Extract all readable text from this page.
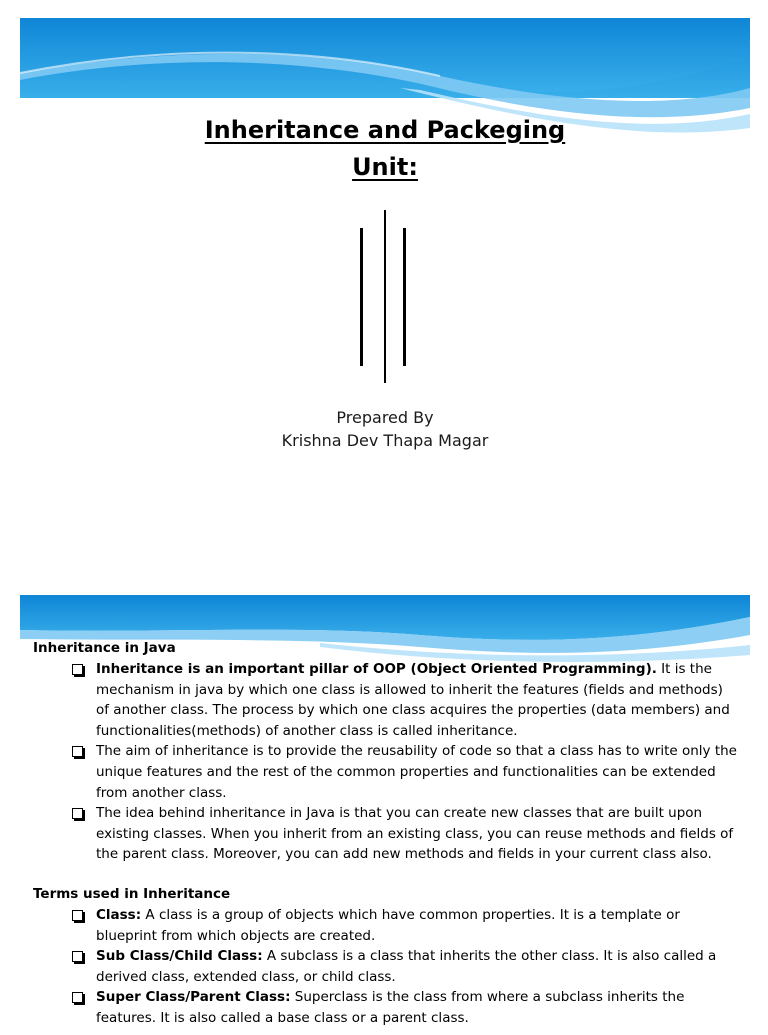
Inheritance and Packeging
Unit:
Prepared By
Krishna Dev Thapa Magar
Inheritance in Java
Inheritance is an important pillar of OOP (Object Oriented Programming). It is the mechanism in java by which one class is allowed to inherit the features (fields and methods) of another class. The process by which one class acquires the properties (data members) and functionalities(methods) of another class is called inheritance.
The aim of inheritance is to provide the reusability of code so that a class has to write only the unique features and the rest of the common properties and functionalities can be extended from another class.
The idea behind inheritance in Java is that you can create new classes that are built upon existing classes. When you inherit from an existing class, you can reuse methods and fields of the parent class. Moreover, you can add new methods and fields in your current class also.
Terms used in Inheritance
Class: A class is a group of objects which have common properties. It is a template or blueprint from which objects are created.
Sub Class/Child Class: A subclass is a class that inherits the other class. It is also called a derived class, extended class, or child class.
Super Class/Parent Class: Superclass is the class from where a subclass inherits the features. It is also called a base class or a parent class.
